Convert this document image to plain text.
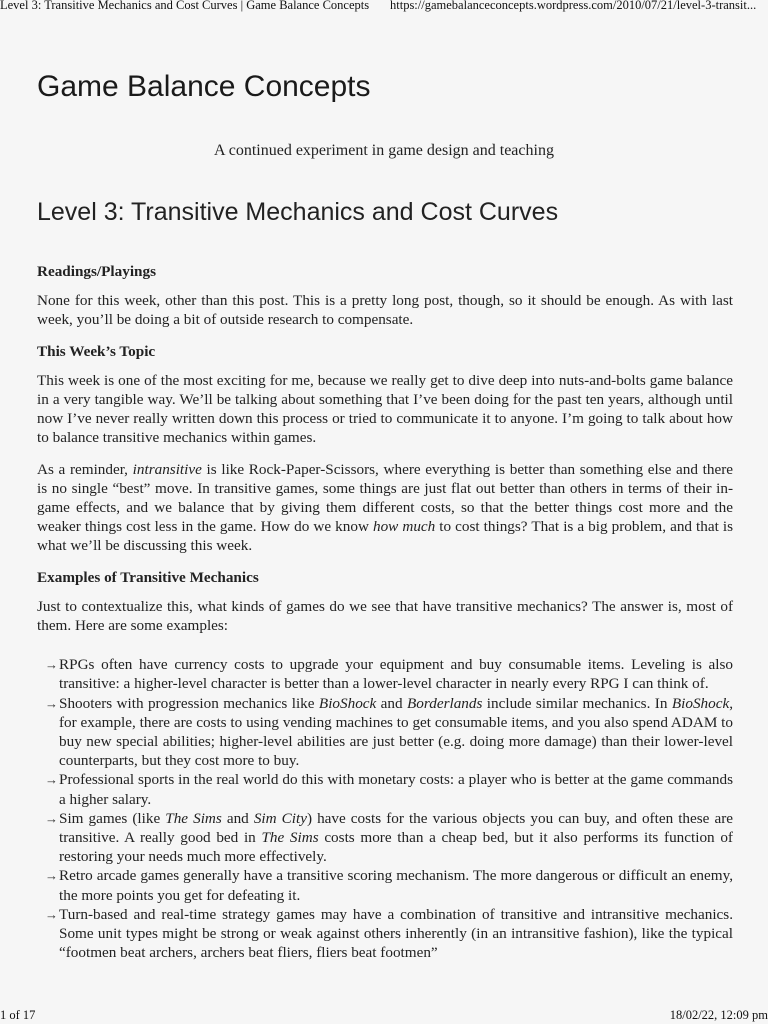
Level 3: Transitive Mechanics and Cost Curves | Game Balance Concepts https://gamebalanceconcepts.wordpress.com/2010/07/21/level-3-transit...
Game Balance Concepts
A continued experiment in game design and teaching
Level 3: Transitive Mechanics and Cost Curves
Readings/Playings

None for this week, other than this post. This is a pretty long post, though, so it should be enough. As with last week, you’ll be doing a bit of outside research to compensate.

This Week’s Topic

This week is one of the most exciting for me, because we really get to dive deep into nuts-and-bolts game balance in a very tangible way. We’ll be talking about something that I’ve been doing for the past ten years, although until now I’ve never really written down this process or tried to communicate it to anyone. I’m going to talk about how to balance transitive mechanics within games.

As a reminder, intransitive is like Rock-Paper-Scissors, where everything is better than something else and there is no single “best” move. In transitive games, some things are just flat out better than others in terms of their in-game effects, and we balance that by giving them different costs, so that the better things cost more and the weaker things cost less in the game. How do we know how much to cost things? That is a big problem, and that is what we’ll be discussing this week.

Examples of Transitive Mechanics

Just to contextualize this, what kinds of games do we see that have transitive mechanics? The answer is, most of them. Here are some examples:

→ RPGs often have currency costs to upgrade your equipment and buy consumable items. Leveling is also transitive: a higher-level character is better than a lower-level character in nearly every RPG I can think of.
→ Shooters with progression mechanics like BioShock and Borderlands include similar mechanics. In BioShock, for example, there are costs to using vending machines to get consumable items, and you also spend ADAM to buy new special abilities; higher-level abilities are just better (e.g. doing more damage) than their lower-level counterparts, but they cost more to buy.
→ Professional sports in the real world do this with monetary costs: a player who is better at the game commands a higher salary.
→ Sim games (like The Sims and Sim City) have costs for the various objects you can buy, and often these are transitive. A really good bed in The Sims costs more than a cheap bed, but it also performs its function of restoring your needs much more effectively.
→ Retro arcade games generally have a transitive scoring mechanism. The more dangerous or difficult an enemy, the more points you get for defeating it.
→ Turn-based and real-time strategy games may have a combination of transitive and intransitive mechanics. Some unit types might be strong or weak against others inherently (in an intransitive fashion), like the typical “footmen beat archers, archers beat fliers, fliers beat footmen”
1 of 17	18/02/22, 12:09 pm
